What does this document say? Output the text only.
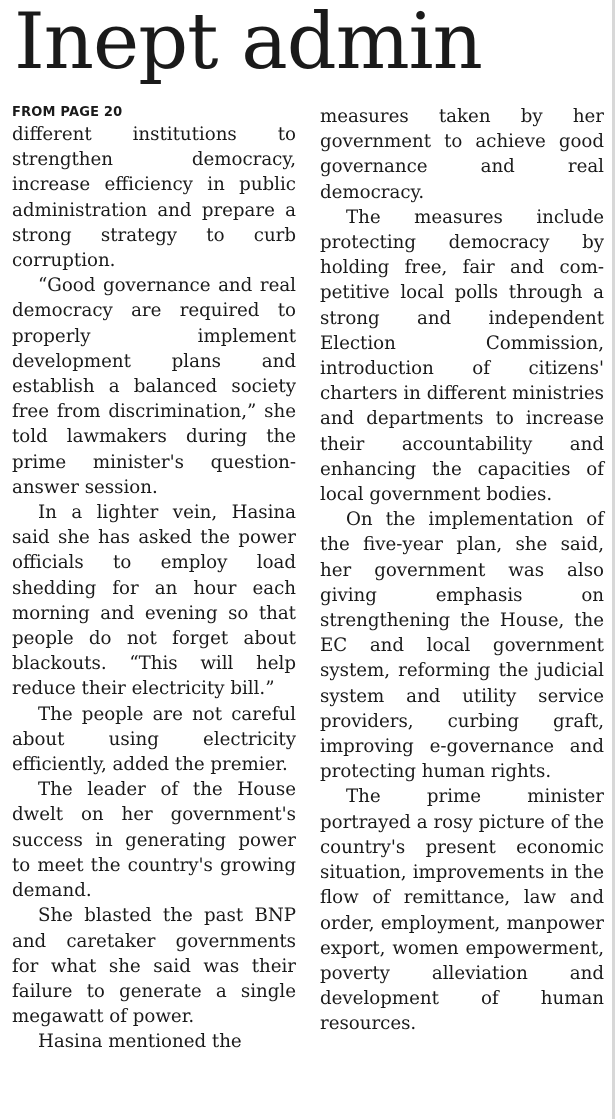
Inept admin
FROM PAGE 20

different institutions to strengthen democracy, increase efficiency in public administration and prepare a strong strategy to curb corruption.

“Good governance and real democracy are required to properly implement development plans and establish a balanced society free from discrimination,” she told lawmakers during the prime minister's question-answer session.

In a lighter vein, Hasina said she has asked the power officials to employ load shedding for an hour each morning and evening so that people do not forget about blackouts. “This will help reduce their electricity bill.”

The people are not careful about using electricity efficiently, added the premier.

The leader of the House dwelt on her government's success in generating power to meet the country's growing demand.

She blasted the past BNP and caretaker governments for what she said was their failure to generate a single megawatt of power.

Hasina mentioned the

measures taken by her government to achieve good governance and real democracy.

The measures include protecting democracy by holding free, fair and competitive local polls through a strong and independent Election Commission, introduction of citizens' charters in different ministries and departments to increase their accountability and enhancing the capacities of local government bodies.

On the implementation of the five-year plan, she said, her government was also giving emphasis on strengthening the House, the EC and local government system, reforming the judicial system and utility service providers, curbing graft, improving e-governance and protecting human rights.

The prime minister portrayed a rosy picture of the country's present economic situation, improvements in the flow of remittance, law and order, employment, manpower export, women empowerment, poverty alleviation and development of human resources.
